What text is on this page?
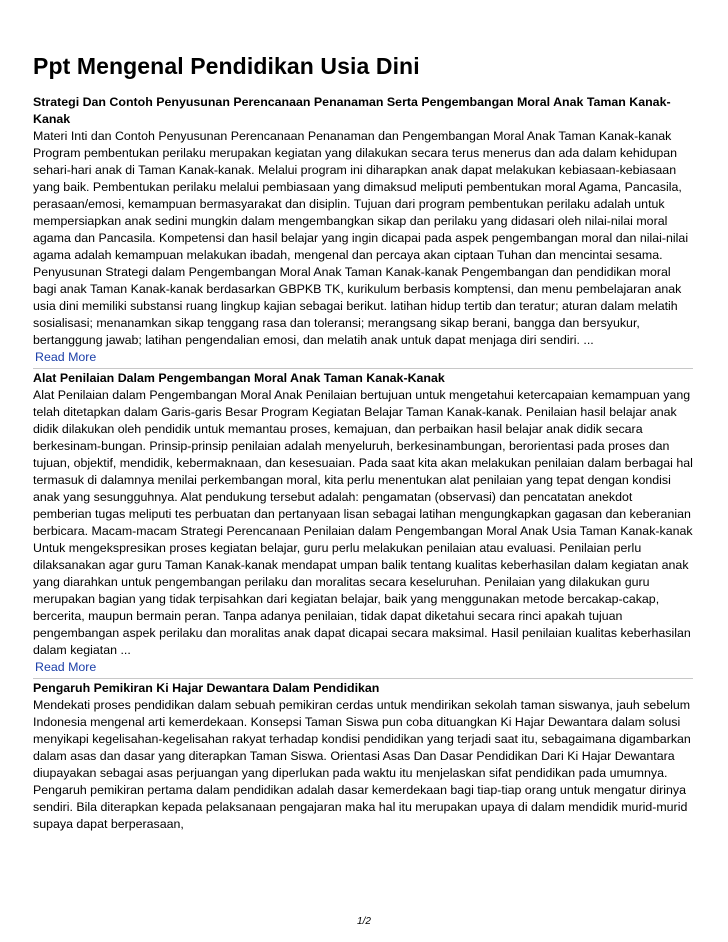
Ppt Mengenal Pendidikan Usia Dini
Strategi Dan Contoh Penyusunan Perencanaan Penanaman Serta Pengembangan Moral Anak Taman Kanak-Kanak

Materi Inti dan Contoh Penyusunan Perencanaan Penanaman dan Pengembangan Moral Anak Taman Kanak-kanak Program pembentukan perilaku merupakan kegiatan yang dilakukan secara terus menerus dan ada dalam kehidupan sehari-hari anak di Taman Kanak-kanak. Melalui program ini diharapkan anak dapat melakukan kebiasaan-kebiasaan yang baik. Pembentukan perilaku melalui pembiasaan yang dimaksud meliputi pembentukan moral Agama, Pancasila, perasaan/emosi, kemampuan bermasyarakat dan disiplin. Tujuan dari program pembentukan perilaku adalah untuk mempersiapkan anak sedini mungkin dalam mengembangkan sikap dan perilaku yang didasari oleh nilai-nilai moral agama dan Pancasila. Kompetensi dan hasil belajar yang ingin dicapai pada aspek pengembangan moral dan nilai-nilai agama adalah kemampuan melakukan ibadah, mengenal dan percaya akan ciptaan Tuhan dan mencintai sesama. Penyusunan Strategi dalam Pengembangan Moral Anak Taman Kanak-kanak Pengembangan dan pendidikan moral bagi anak Taman Kanak-kanak berdasarkan GBPKB TK, kurikulum berbasis komptensi, dan menu pembelajaran anak usia dini memiliki substansi ruang lingkup kajian sebagai berikut. latihan hidup tertib dan teratur; aturan dalam melatih sosialisasi; menanamkan sikap tenggang rasa dan toleransi; merangsang sikap berani, bangga dan bersyukur, bertanggung jawab; latihan pengendalian emosi, dan melatih anak untuk dapat menjaga diri sendiri. ...

Read More
Alat Penilaian Dalam Pengembangan Moral Anak Taman Kanak-Kanak

Alat Penilaian dalam Pengembangan Moral Anak Penilaian bertujuan untuk mengetahui ketercapaian kemampuan yang telah ditetapkan dalam Garis-garis Besar Program Kegiatan Belajar Taman Kanak-kanak. Penilaian hasil belajar anak didik dilakukan oleh pendidik untuk memantau proses, kemajuan, dan perbaikan hasil belajar anak didik secara berkesinam-bungan. Prinsip-prinsip penilaian adalah menyeluruh, berkesinambungan, berorientasi pada proses dan tujuan, objektif, mendidik, kebermaknaan, dan kesesuaian. Pada saat kita akan melakukan penilaian dalam berbagai hal termasuk di dalamnya menilai perkembangan moral, kita perlu menentukan alat penilaian yang tepat dengan kondisi anak yang sesungguhnya. Alat pendukung tersebut adalah: pengamatan (observasi) dan pencatatan anekdot pemberian tugas meliputi tes perbuatan dan pertanyaan lisan sebagai latihan mengungkapkan gagasan dan keberanian berbicara. Macam-macam Strategi Perencanaan Penilaian dalam Pengembangan Moral Anak Usia Taman Kanak-kanak Untuk mengekspresikan proses kegiatan belajar, guru perlu melakukan penilaian atau evaluasi. Penilaian perlu dilaksanakan agar guru Taman Kanak-kanak mendapat umpan balik tentang kualitas keberhasilan dalam kegiatan anak yang diarahkan untuk pengembangan perilaku dan moralitas secara keseluruhan. Penilaian yang dilakukan guru merupakan bagian yang tidak terpisahkan dari kegiatan belajar, baik yang menggunakan metode bercakap-cakap, bercerita, maupun bermain peran. Tanpa adanya penilaian, tidak dapat diketahui secara rinci apakah tujuan pengembangan aspek perilaku dan moralitas anak dapat dicapai secara maksimal. Hasil penilaian kualitas keberhasilan dalam kegiatan ...

Read More
Pengaruh Pemikiran Ki Hajar Dewantara Dalam Pendidikan

Mendekati proses pendidikan dalam sebuah pemikiran cerdas untuk mendirikan sekolah taman siswanya, jauh sebelum Indonesia mengenal arti kemerdekaan. Konsepsi Taman Siswa pun coba dituangkan Ki Hajar Dewantara dalam solusi menyikapi kegelisahan-kegelisahan rakyat terhadap kondisi pendidikan yang terjadi saat itu, sebagaimana digambarkan dalam asas dan dasar yang diterapkan Taman Siswa. Orientasi Asas Dan Dasar Pendidikan Dari Ki Hajar Dewantara diupayakan sebagai asas perjuangan yang diperlukan pada waktu itu menjelaskan sifat pendidikan pada umumnya. Pengaruh pemikiran pertama dalam pendidikan adalah dasar kemerdekaan bagi tiap-tiap orang untuk mengatur dirinya sendiri. Bila diterapkan kepada pelaksanaan pengajaran maka hal itu merupakan upaya di dalam mendidik murid-murid supaya dapat berperasaan,

1/2
